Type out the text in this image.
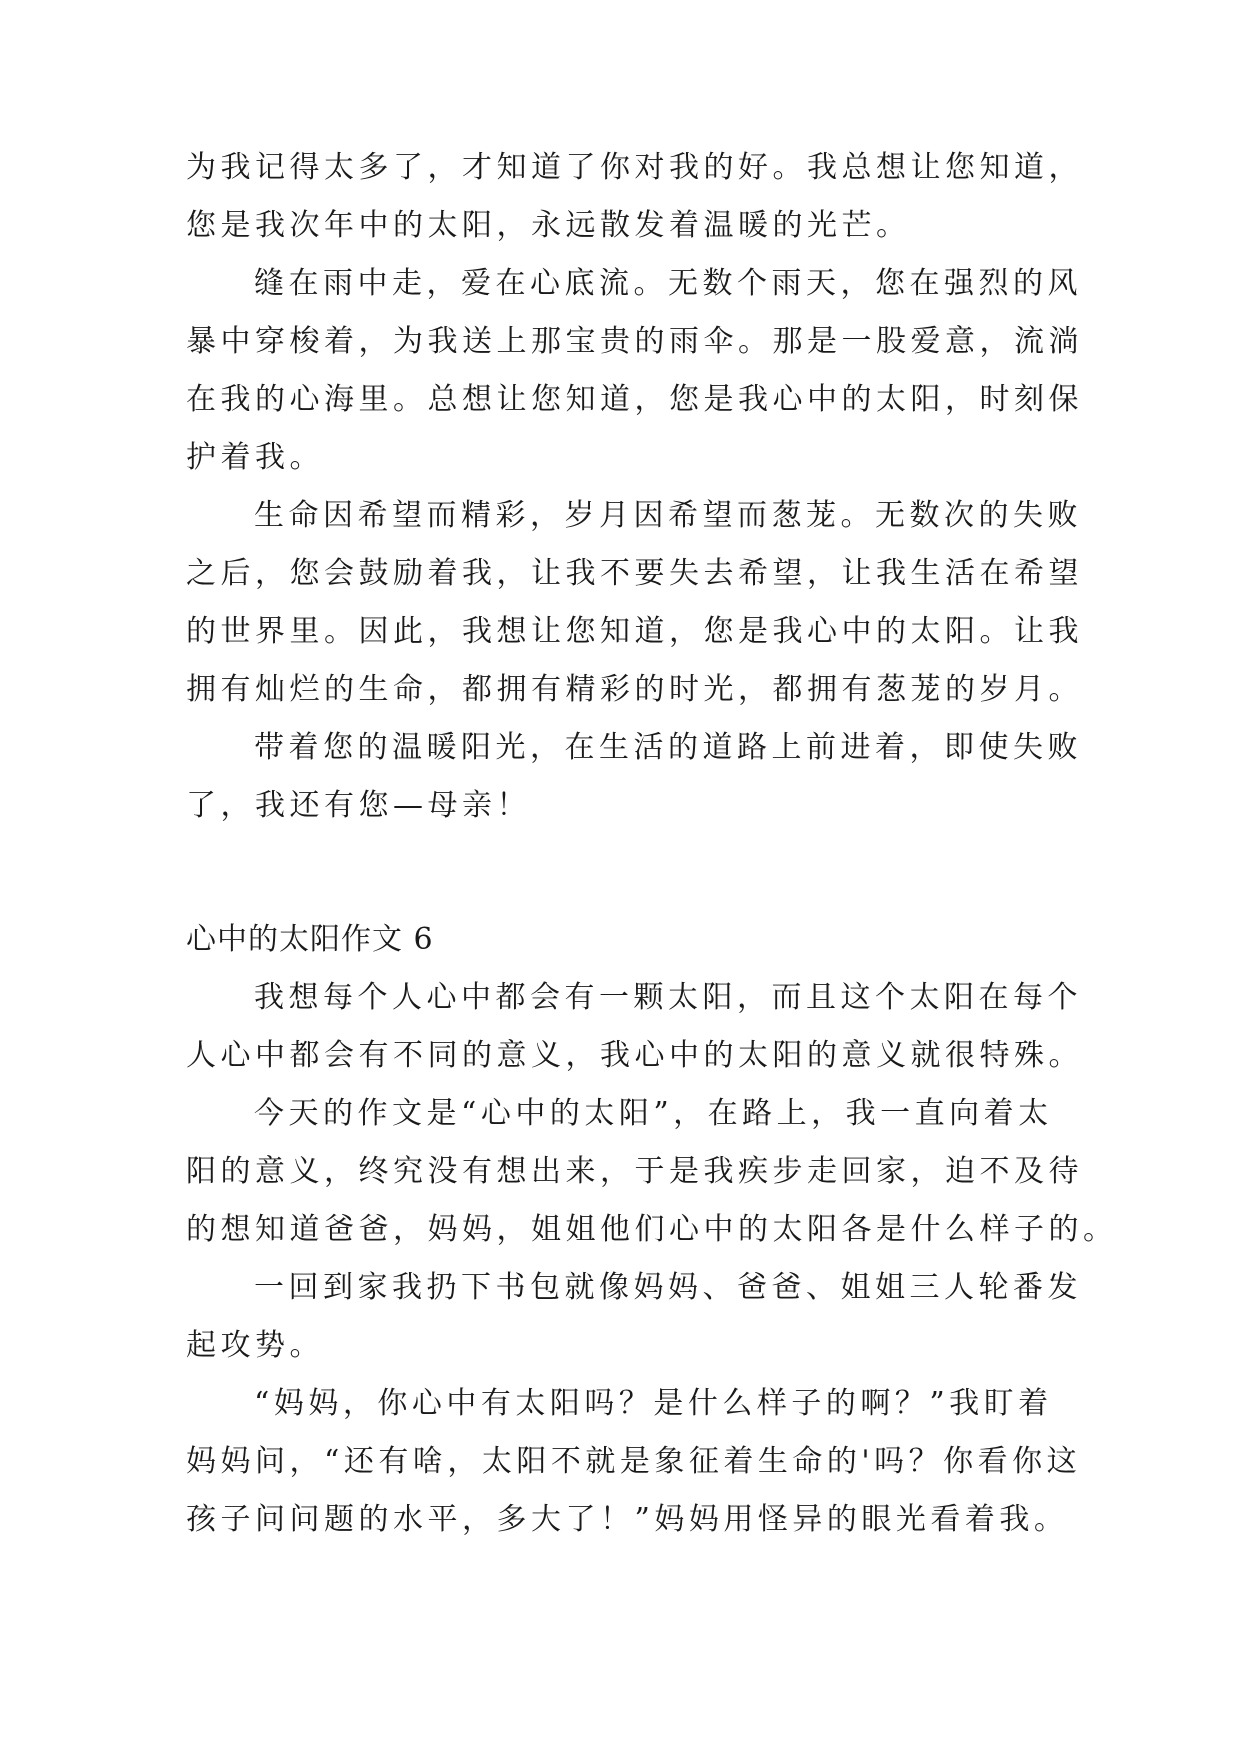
为我记得太多了，才知道了你对我的好。我总想让您知道，
您是我次年中的太阳，永远散发着温暖的光芒。
缝在雨中走，爱在心底流。无数个雨天，您在强烈的风
暴中穿梭着，为我送上那宝贵的雨伞。那是一股爱意，流淌
在我的心海里。总想让您知道，您是我心中的太阳，时刻保
护着我。
生命因希望而精彩，岁月因希望而葱茏。无数次的失败
之后，您会鼓励着我，让我不要失去希望，让我生活在希望
的世界里。因此，我想让您知道，您是我心中的太阳。让我
拥有灿烂的生命，都拥有精彩的时光，都拥有葱茏的岁月。
带着您的温暖阳光，在生活的道路上前进着，即使失败
了，我还有您—母亲！
心中的太阳作文 6
我想每个人心中都会有一颗太阳，而且这个太阳在每个
人心中都会有不同的意义，我心中的太阳的意义就很特殊。
今天的作文是“心中的太阳”，在路上，我一直向着太
阳的意义，终究没有想出来，于是我疾步走回家，迫不及待
的想知道爸爸，妈妈，姐姐他们心中的太阳各是什么样子的。
一回到家我扔下书包就像妈妈、爸爸、姐姐三人轮番发
起攻势。
“妈妈，你心中有太阳吗？是什么样子的啊？”我盯着
妈妈问，“还有啥，太阳不就是象征着生命的'吗？你看你这
孩子问问题的水平，多大了！”妈妈用怪异的眼光看着我。
